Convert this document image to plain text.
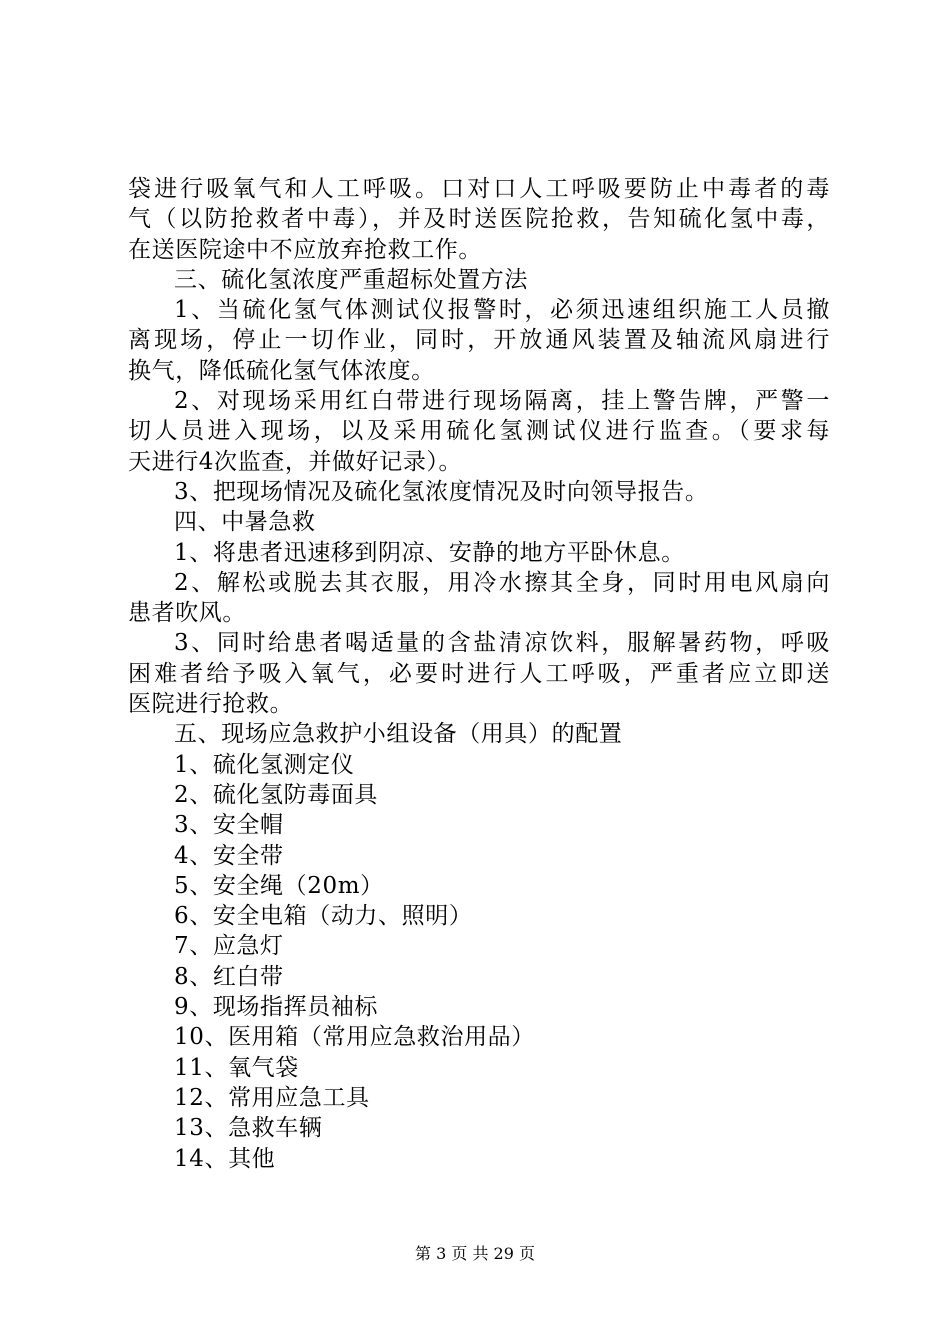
袋进行吸氧气和人工呼吸。口对口人工呼吸要防止中毒者的毒
气（以防抢救者中毒），并及时送医院抢救，告知硫化氢中毒，
在送医院途中不应放弃抢救工作。
三、硫化氢浓度严重超标处置方法
1、当硫化氢气体测试仪报警时，必须迅速组织施工人员撤
离现场，停止一切作业，同时，开放通风装置及轴流风扇进行
换气，降低硫化氢气体浓度。
2、对现场采用红白带进行现场隔离，挂上警告牌，严警一
切人员进入现场，以及采用硫化氢测试仪进行监查。（要求每
天进行4次监查，并做好记录）。
3、把现场情况及硫化氢浓度情况及时向领导报告。
四、中暑急救
1、将患者迅速移到阴凉、安静的地方平卧休息。
2、解松或脱去其衣服，用冷水擦其全身，同时用电风扇向
患者吹风。
3、同时给患者喝适量的含盐清凉饮料，服解暑药物，呼吸
困难者给予吸入氧气，必要时进行人工呼吸，严重者应立即送
医院进行抢救。
五、现场应急救护小组设备（用具）的配置
1、硫化氢测定仪
2、硫化氢防毒面具
3、安全帽
4、安全带
5、安全绳（20m）
6、安全电箱（动力、照明）
7、应急灯
8、红白带
9、现场指挥员袖标
10、医用箱（常用应急救治用品）
11、氧气袋
12、常用应急工具
13、急救车辆
14、其他
第 3 页 共 29 页
